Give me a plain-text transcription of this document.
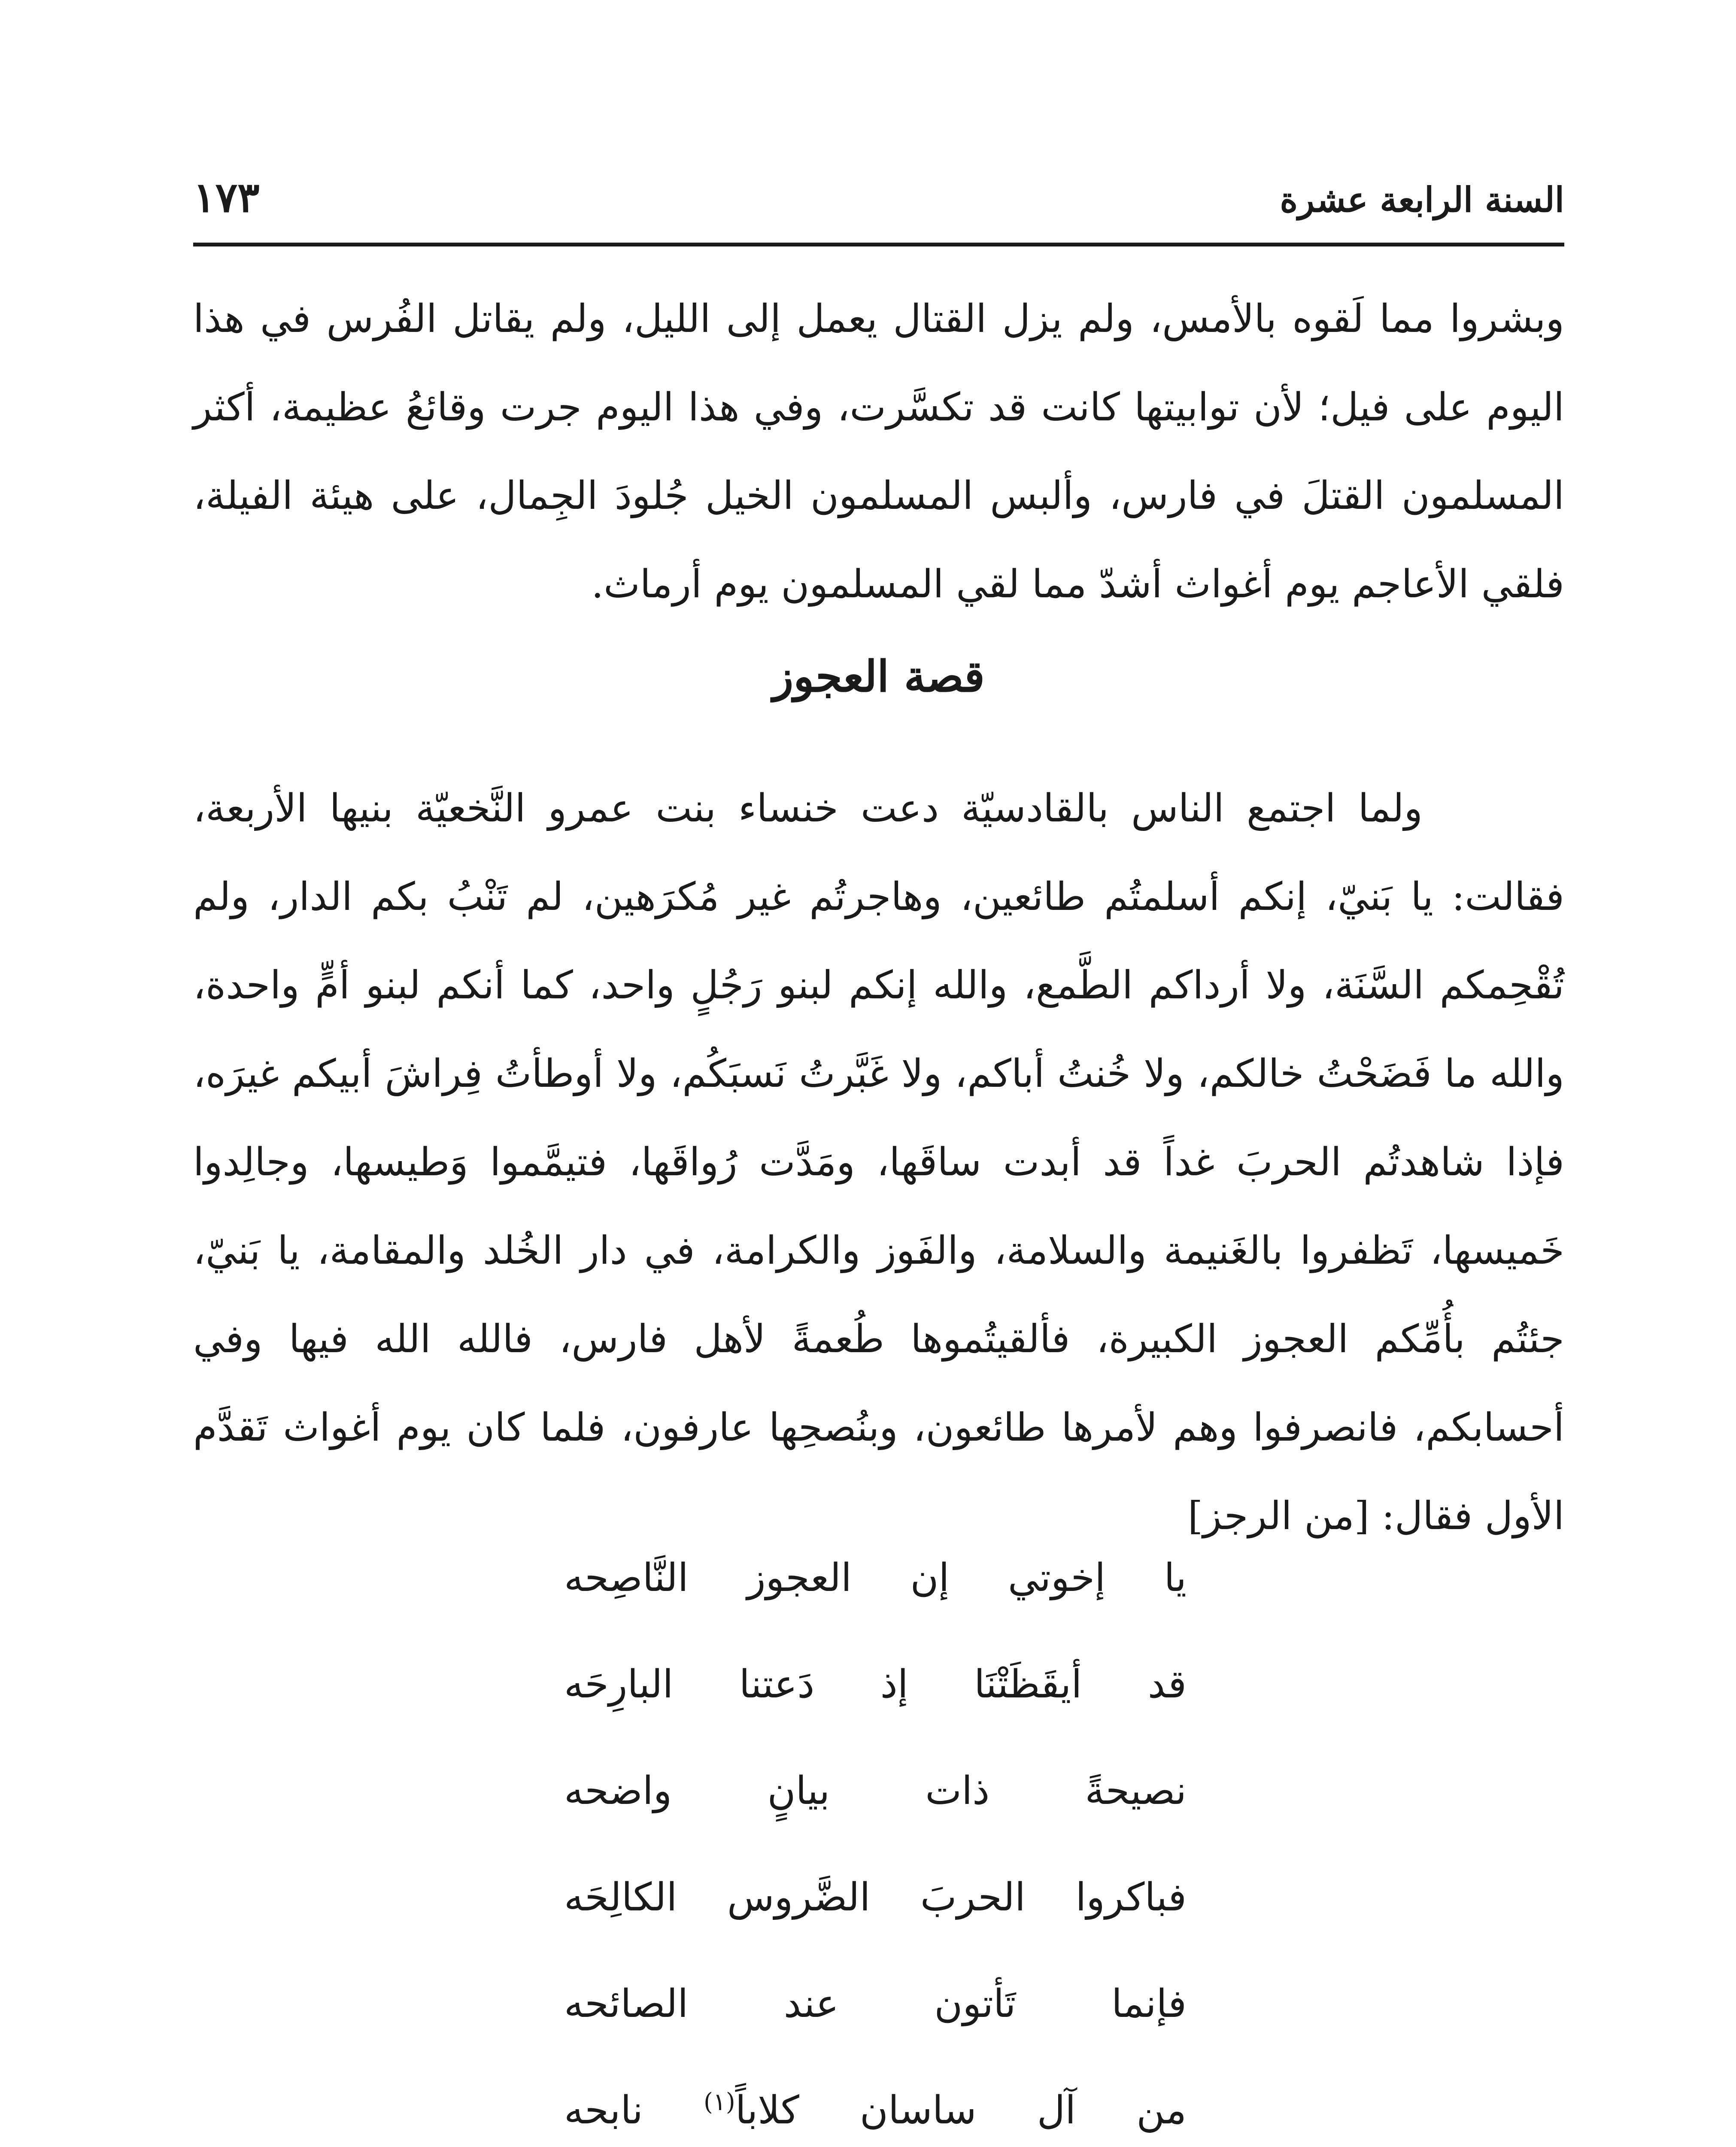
السنة الرابعة عشرة
١٧٣

وبشروا مما لَقوه بالأمس، ولم يزل القتال يعمل إلى الليل، ولم يقاتل الفُرس في هذا اليوم على فيل؛ لأن توابيتها كانت قد تكسَّرت، وفي هذا اليوم جرت وقائعُ عظيمة، أكثر المسلمون القتلَ في فارس، وألبس المسلمون الخيل جُلودَ الجِمال، على هيئة الفيلة، فلقي الأعاجم يوم أغواث أشدّ مما لقي المسلمون يوم أرماث.

قصة العجوز

ولما اجتمع الناس بالقادسيّة دعت خنساء بنت عمرو النَّخعيّة بنيها الأربعة، فقالت: يا بَنيّ، إنكم أسلمتُم طائعين، وهاجرتُم غير مُكرَهين، لم تَنْبُ بكم الدار، ولم تُقْحِمكم السَّنَة، ولا أرداكم الطَّمع، والله إنكم لبنو رَجُلٍ واحد، كما أنكم لبنو أمٍّ واحدة، والله ما فَضَحْتُ خالكم، ولا خُنتُ أباكم، ولا غَبَّرتُ نَسبَكُم، ولا أوطأتُ فِراشَ أبيكم غيرَه، فإذا شاهدتُم الحربَ غداً قد أبدت ساقَها، ومَدَّت رُواقَها، فتيمَّموا وَطيسها، وجالِدوا خَميسها، تَظفروا بالغَنيمة والسلامة، والفَوز والكرامة، في دار الخُلد والمقامة، يا بَنيّ، جئتُم بأُمِّكم العجوز الكبيرة، فألقيتُموها طُعمةً لأهل فارس، فالله الله فيها وفي أحسابكم، فانصرفوا وهم لأمرها طائعون، وبنُصحِها عارفون، فلما كان يوم أغواث تَقدَّم الأول فقال: [من الرجز]

يا إخوتي إن العجوز النَّاصِحه
قد أيقَظَتْنَا إذ دَعتنا البارِحَه
نصيحةً ذات بيانٍ واضحه
فباكروا الحربَ الضَّروس الكالِحَه
فإنما تَأتون عند الصائحه
من آل ساسان كلاباً$^{(١)}$ نابحه
